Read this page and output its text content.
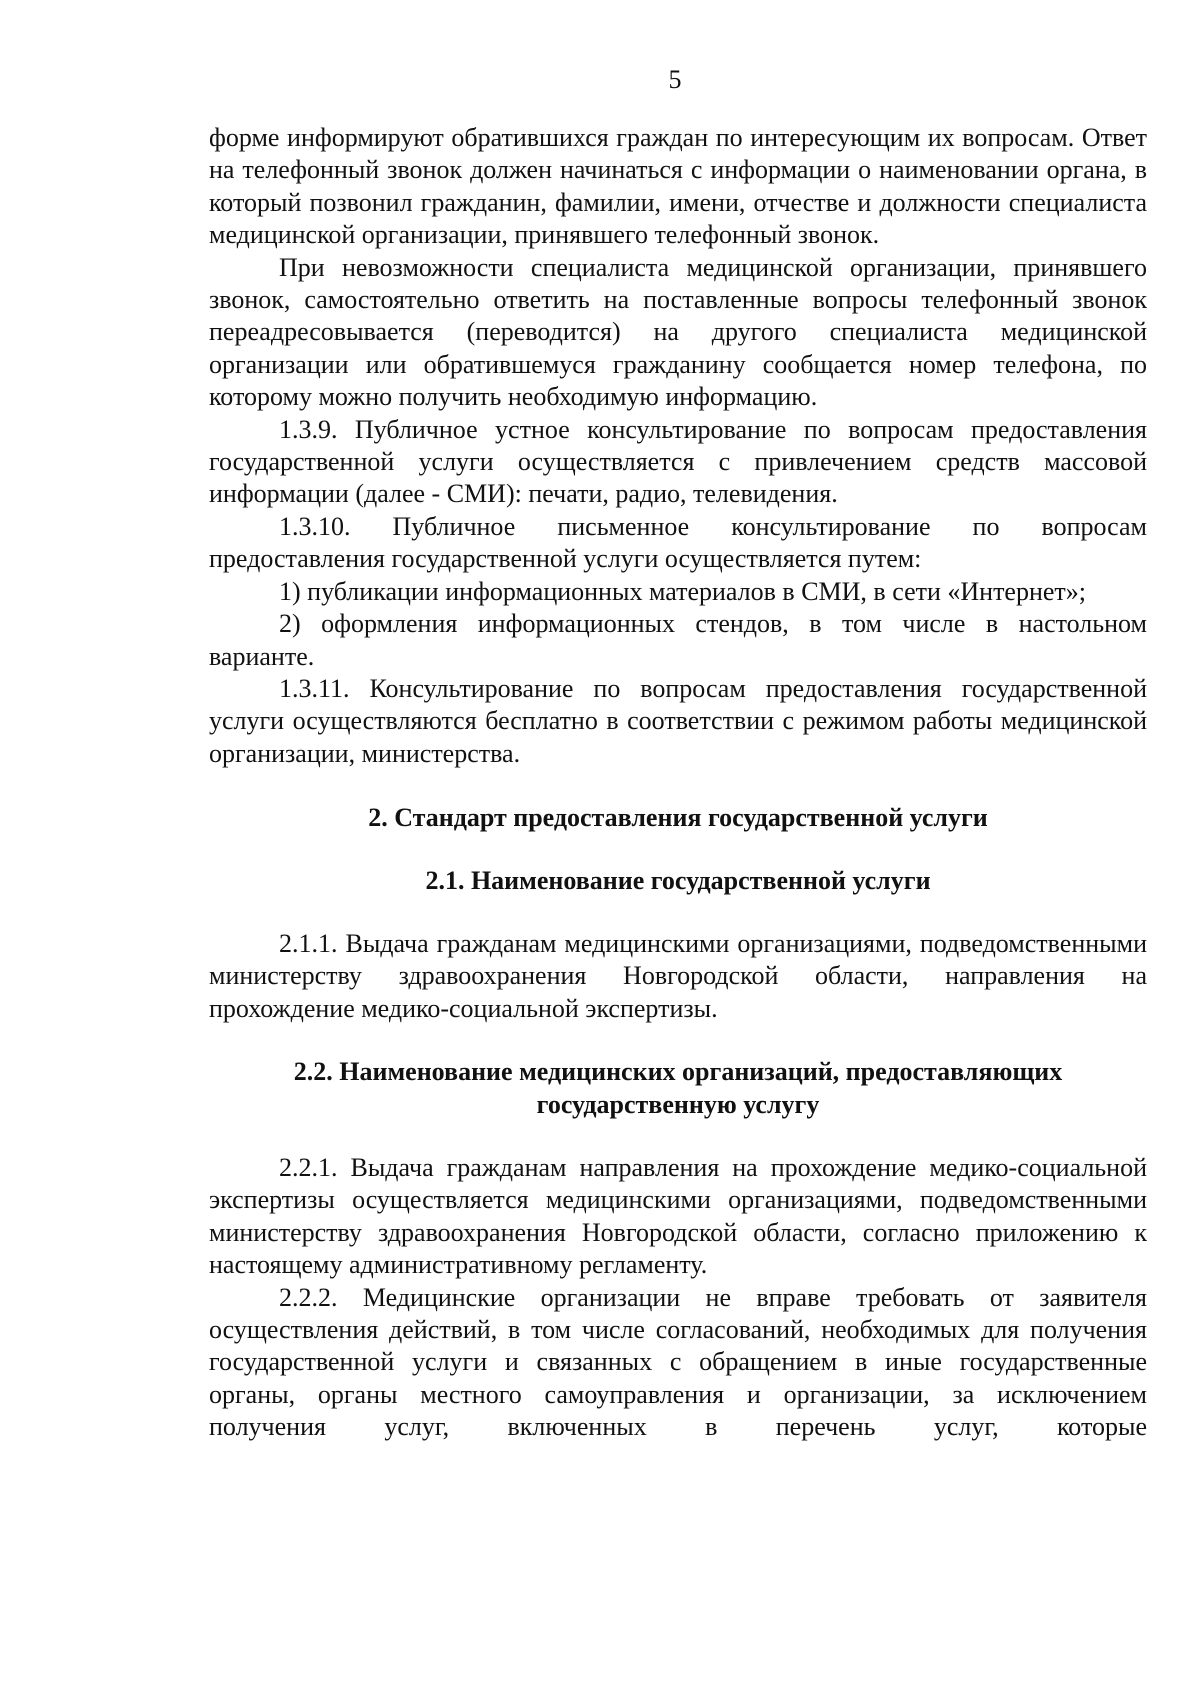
5

форме информируют обратившихся граждан по интересующим их вопросам. Ответ на телефонный звонок должен начинаться с информации о наименовании органа, в который позвонил гражданин, фамилии, имени, отчестве и должности специалиста медицинской организации, принявшего телефонный звонок.

При невозможности специалиста медицинской организации, принявшего звонок, самостоятельно ответить на поставленные вопросы телефонный звонок переадресовывается (переводится) на другого специалиста медицинской организации или обратившемуся гражданину сообщается номер телефона, по которому можно получить необходимую информацию.

1.3.9. Публичное устное консультирование по вопросам предоставления государственной услуги осуществляется с привлечением средств массовой информации (далее - СМИ): печати, радио, телевидения.

1.3.10. Публичное письменное консультирование по вопросам предоставления государственной услуги осуществляется путем:

1) публикации информационных материалов в СМИ, в сети «Интернет»;

2) оформления информационных стендов, в том числе в настольном варианте.

1.3.11. Консультирование по вопросам предоставления государственной услуги осуществляются бесплатно в соответствии с режимом работы медицинской организации, министерства.

2. Стандарт предоставления государственной услуги

2.1. Наименование государственной услуги

2.1.1. Выдача гражданам медицинскими организациями, подведомственными министерству здравоохранения Новгородской области, направления на прохождение медико-социальной экспертизы.

2.2. Наименование медицинских организаций, предоставляющих
государственную услугу

2.2.1. Выдача гражданам направления на прохождение медико-социальной экспертизы осуществляется медицинскими организациями, подведомственными министерству здравоохранения Новгородской области, согласно приложению к настоящему административному регламенту.

2.2.2. Медицинские организации не вправе требовать от заявителя осуществления действий, в том числе согласований, необходимых для получения государственной услуги и связанных с обращением в иные государственные органы, органы местного самоуправления и организации, за исключением получения услуг, включенных в перечень услуг, которые
